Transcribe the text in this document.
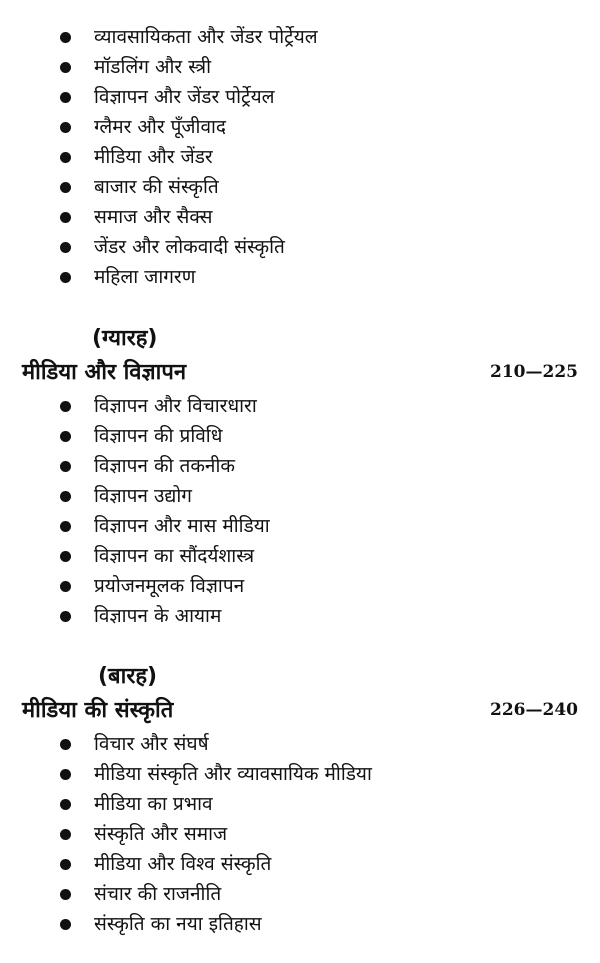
व्यावसायिकता और जेंडर पोर्ट्रेयल
मॉडलिंग और स्त्री
विज्ञापन और जेंडर पोर्ट्रेयल
ग्लैमर और पूँजीवाद
मीडिया और जेंडर
बाजार की संस्कृति
समाज और सैक्स
जेंडर और लोकवादी संस्कृति
महिला जागरण
(ग्यारह)
मीडिया और विज्ञापन	210—225
विज्ञापन और विचारधारा
विज्ञापन की प्रविधि
विज्ञापन की तकनीक
विज्ञापन उद्योग
विज्ञापन और मास मीडिया
विज्ञापन का सौंदर्यशास्त्र
प्रयोजनमूलक विज्ञापन
विज्ञापन के आयाम
(बारह)
मीडिया की संस्कृति	226—240
विचार और संघर्ष
मीडिया संस्कृति और व्यावसायिक मीडिया
मीडिया का प्रभाव
संस्कृति और समाज
मीडिया और विश्व संस्कृति
संचार की राजनीति
संस्कृति का नया इतिहास
